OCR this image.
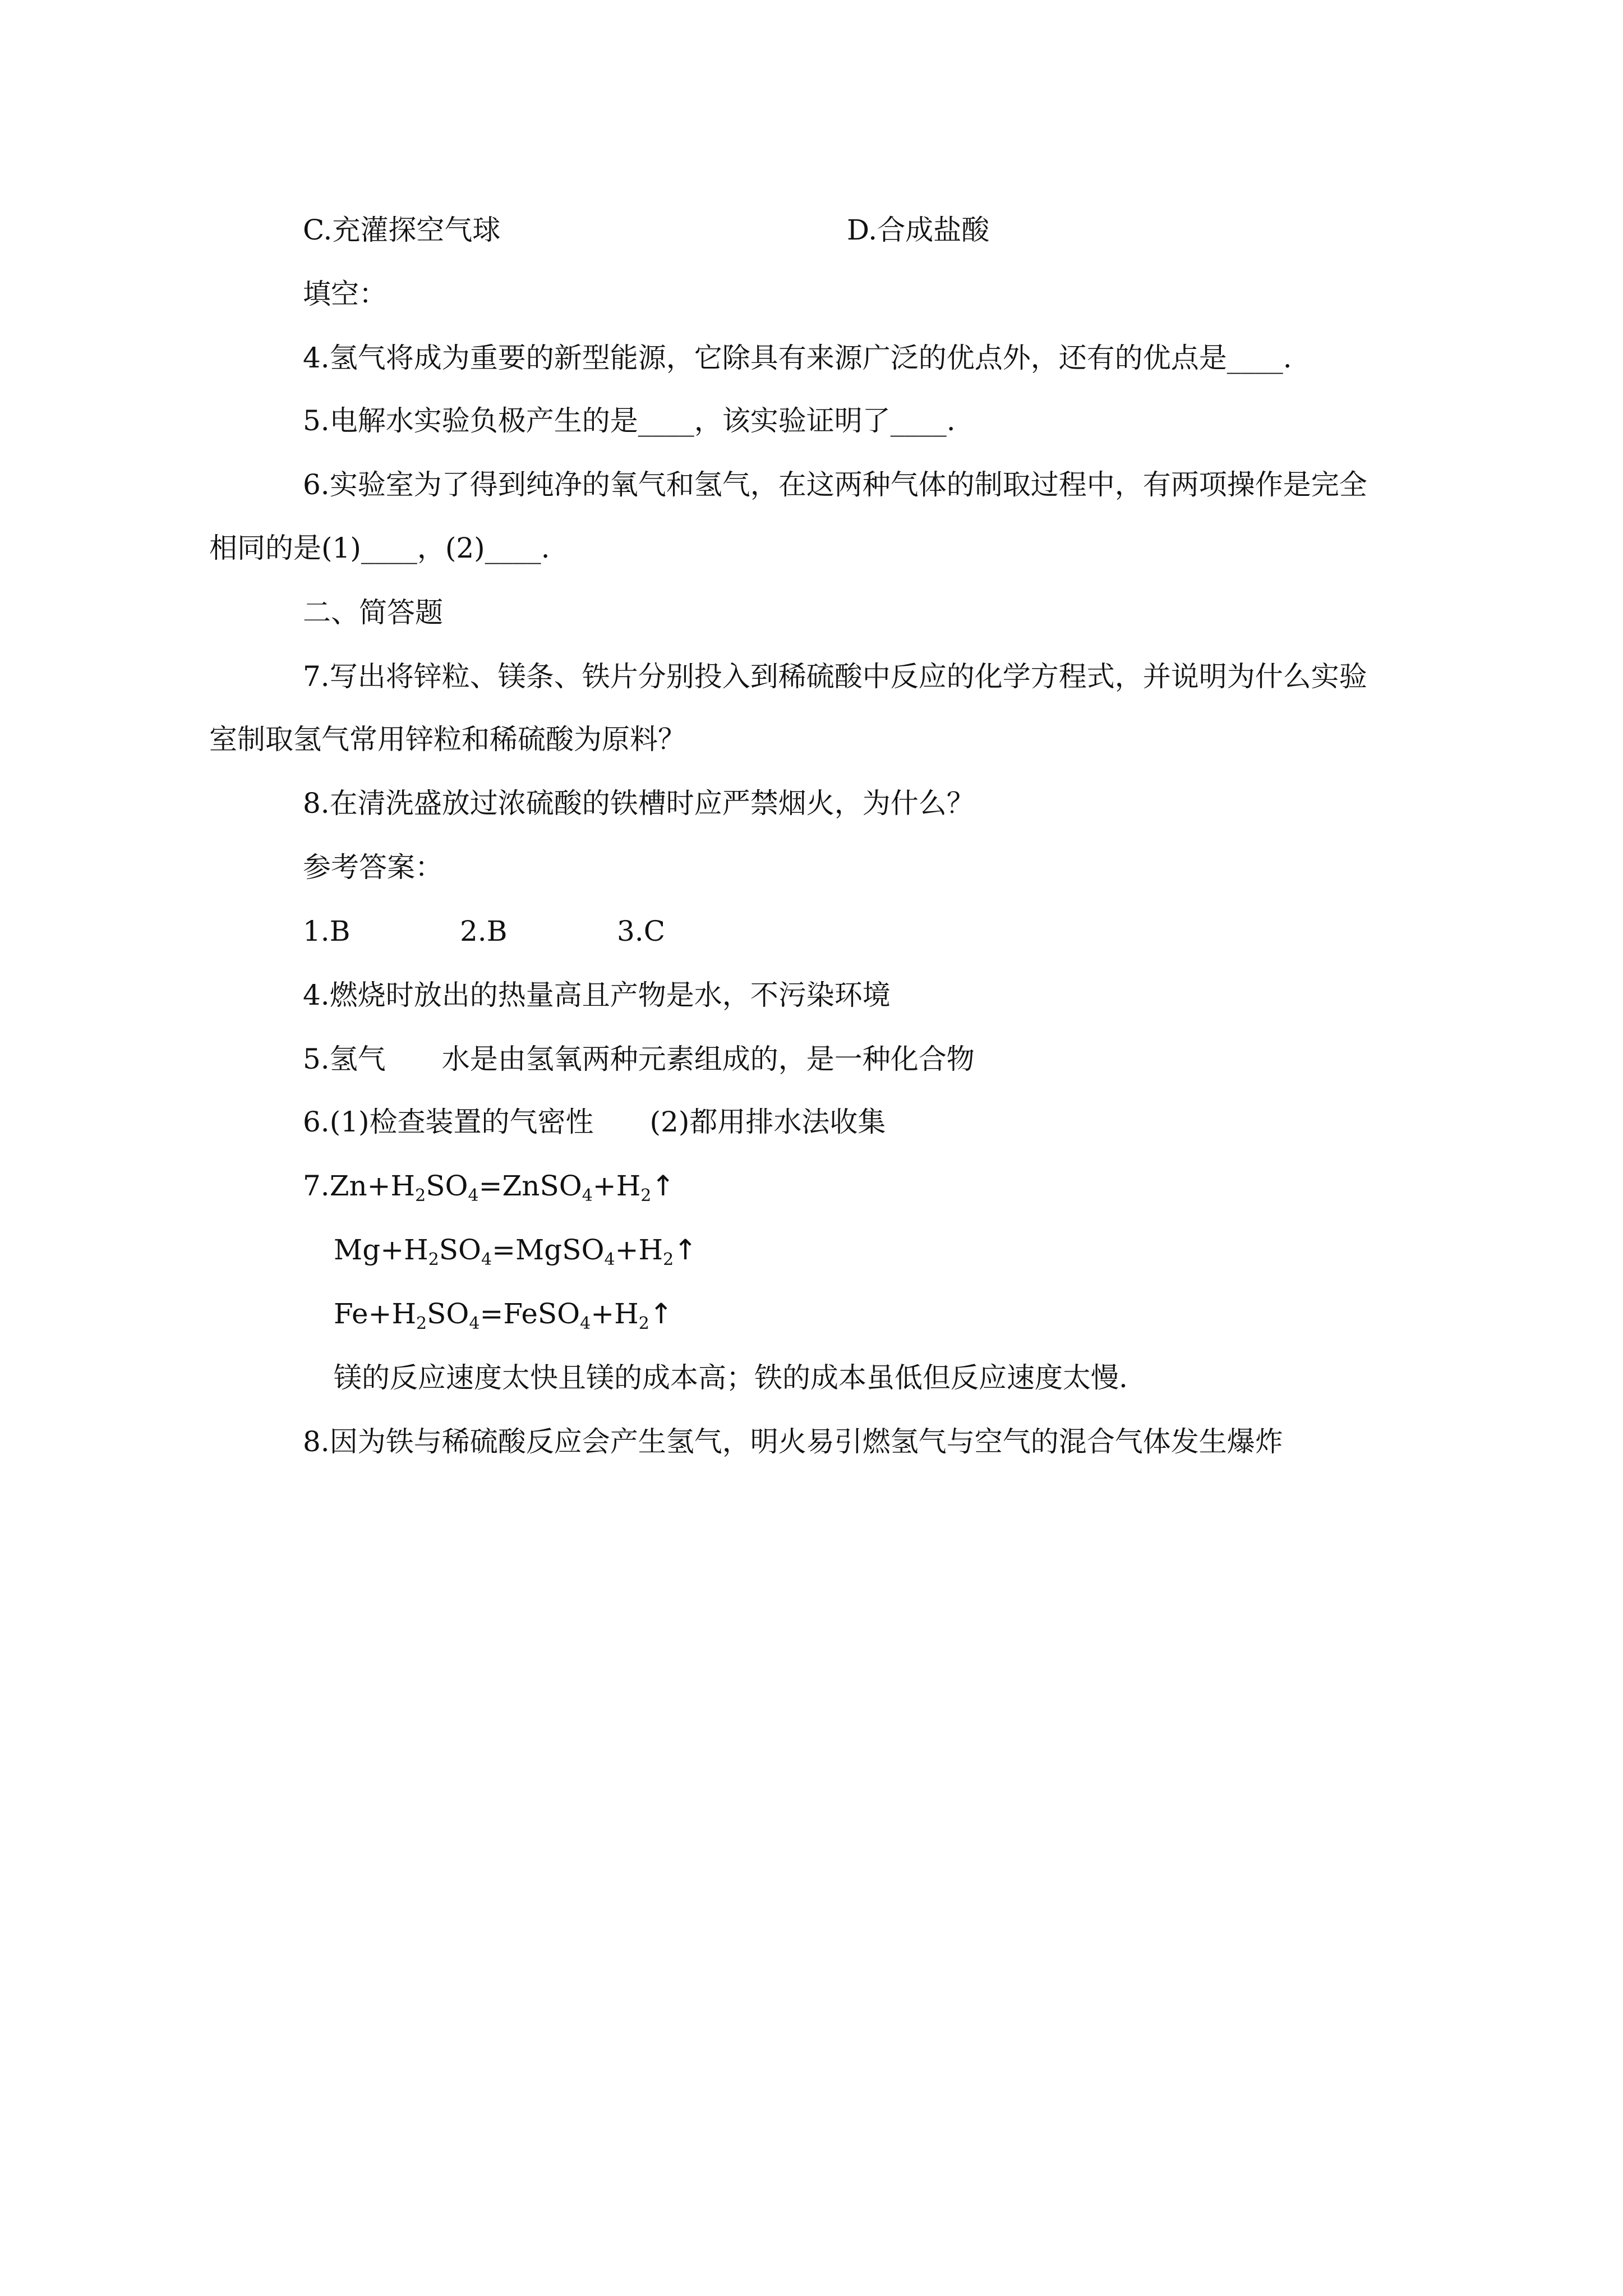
C.充灌探空气球	D.合成盐酸
填空：
4.氢气将成为重要的新型能源，它除具有来源广泛的优点外，还有的优点是____.
5.电解水实验负极产生的是____，该实验证明了____.
6.实验室为了得到纯净的氧气和氢气，在这两种气体的制取过程中，有两项操作是完全
相同的是(1)____，(2)____.
二、简答题
7.写出将锌粒、镁条、铁片分别投入到稀硫酸中反应的化学方程式，并说明为什么实验
室制取氢气常用锌粒和稀硫酸为原料？
8.在清洗盛放过浓硫酸的铁槽时应严禁烟火，为什么？
参考答案：
1.B	2.B	3.C
4.燃烧时放出的热量高且产物是水，不污染环境
5.氢气　　水是由氢氧两种元素组成的，是一种化合物
6.(1)检查装置的气密性　　(2)都用排水法收集
$7.Zn+H_2SO_4=ZnSO_4+H_2↑$
$Mg+H_2SO_4=MgSO_4+H_2↑$
$Fe+H_2SO_4=FeSO_4+H_2↑$
镁的反应速度太快且镁的成本高；铁的成本虽低但反应速度太慢.
8.因为铁与稀硫酸反应会产生氢气，明火易引燃氢气与空气的混合气体发生爆炸
